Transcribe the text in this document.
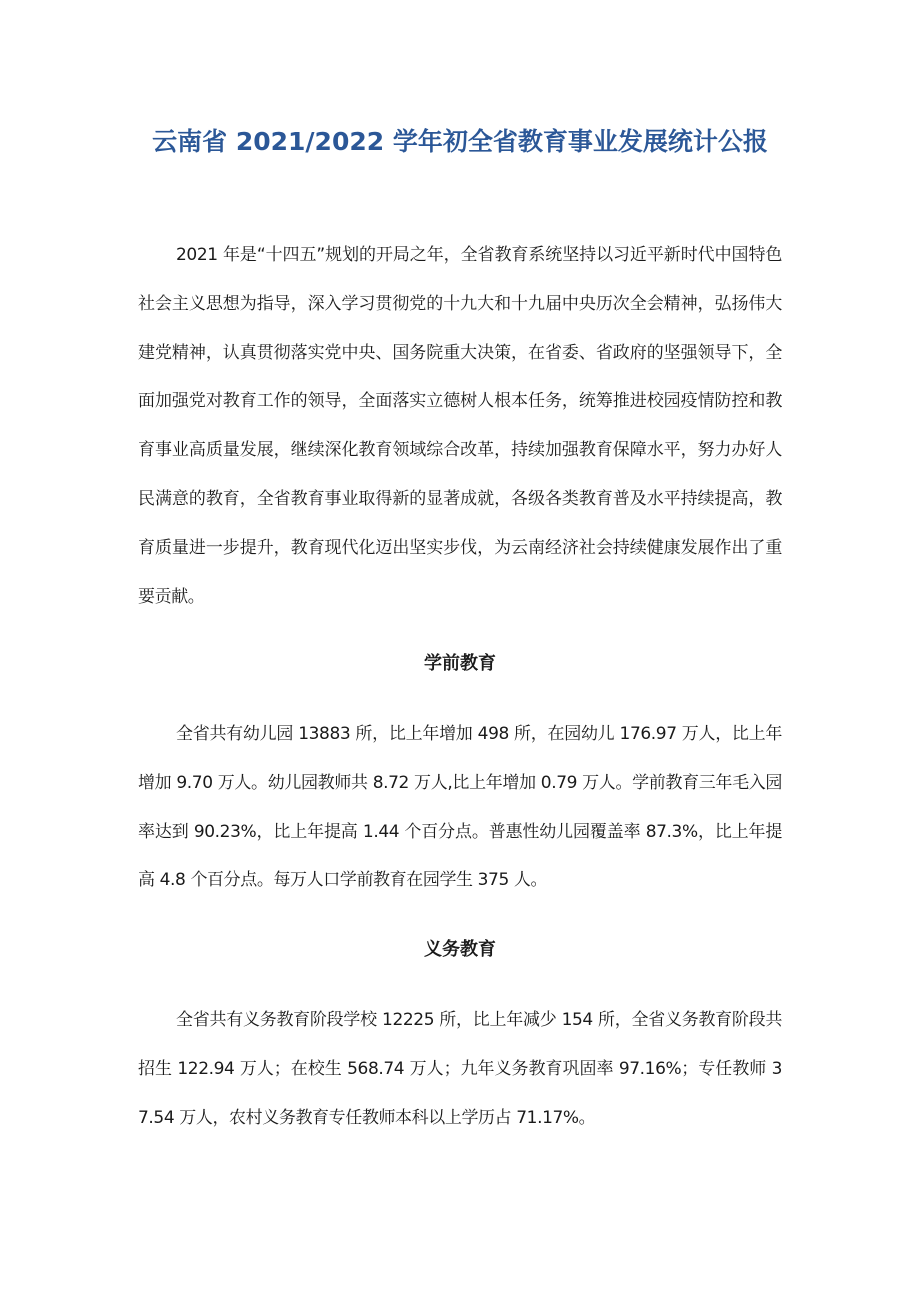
云南省 2021/2022 学年初全省教育事业发展统计公报

2021 年是“十四五”规划的开局之年，全省教育系统坚持以习近平新时代中国特色社会主义思想为指导，深入学习贯彻党的十九大和十九届中央历次全会精神，弘扬伟大建党精神，认真贯彻落实党中央、国务院重大决策，在省委、省政府的坚强领导下，全面加强党对教育工作的领导，全面落实立德树人根本任务，统筹推进校园疫情防控和教育事业高质量发展，继续深化教育领域综合改革，持续加强教育保障水平，努力办好人民满意的教育，全省教育事业取得新的显著成就，各级各类教育普及水平持续提高，教育质量进一步提升，教育现代化迈出坚实步伐，为云南经济社会持续健康发展作出了重要贡献。

学前教育

全省共有幼儿园 13883 所，比上年增加 498 所，在园幼儿 176.97 万人，比上年增加 9.70 万人。幼儿园教师共 8.72 万人,比上年增加 0.79 万人。学前教育三年毛入园率达到 90.23%，比上年提高 1.44 个百分点。普惠性幼儿园覆盖率 87.3%，比上年提高 4.8 个百分点。每万人口学前教育在园学生 375 人。

义务教育

全省共有义务教育阶段学校 12225 所，比上年减少 154 所，全省义务教育阶段共招生 122.94 万人；在校生 568.74 万人；九年义务教育巩固率 97.16%；专任教师 37.54 万人，农村义务教育专任教师本科以上学历占 71.17%。
